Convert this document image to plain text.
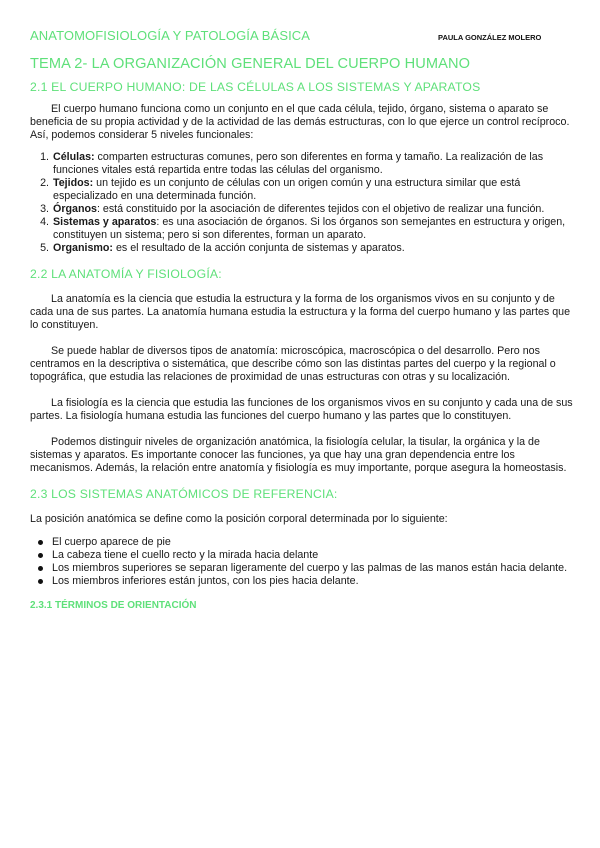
ANATOMOFISIOLOGÍA Y PATOLOGÍA BÁSICA	PAULA GONZÁLEZ MOLERO
TEMA 2- LA ORGANIZACIÓN GENERAL DEL CUERPO HUMANO
2.1 EL CUERPO HUMANO: DE LAS CÉLULAS A LOS SISTEMAS Y APARATOS

El cuerpo humano funciona como un conjunto en el que cada célula, tejido, órgano, sistema o aparato se beneficia de su propia actividad y de la actividad de las demás estructuras, con lo que ejerce un control recíproco. Así, podemos considerar 5 niveles funcionales:

1. Células: comparten estructuras comunes, pero son diferentes en forma y tamaño. La realización de las funciones vitales está repartida entre todas las células del organismo.
2. Tejidos: un tejido es un conjunto de células con un origen común y una estructura similar que está especializado en una determinada función.
3. Órganos: está constituido por la asociación de diferentes tejidos con el objetivo de realizar una función.
4. Sistemas y aparatos: es una asociación de órganos. Si los órganos son semejantes en estructura y origen, constituyen un sistema; pero si son diferentes, forman un aparato.
5. Organismo: es el resultado de la acción conjunta de sistemas y aparatos.
2.2 LA ANATOMÍA Y FISIOLOGÍA:

La anatomía es la ciencia que estudia la estructura y la forma de los organismos vivos en su conjunto y de cada una de sus partes. La anatomía humana estudia la estructura y la forma del cuerpo humano y las partes que lo constituyen.

Se puede hablar de diversos tipos de anatomía: microscópica, macroscópica o del desarrollo. Pero nos centramos en la descriptiva o sistemática, que describe cómo son las distintas partes del cuerpo y la regional o topográfica, que estudia las relaciones de proximidad de unas estructuras con otras y su localización.

La fisiología es la ciencia que estudia las funciones de los organismos vivos en su conjunto y cada una de sus partes. La fisiología humana estudia las funciones del cuerpo humano y las partes que lo constituyen.

Podemos distinguir niveles de organización anatómica, la fisiología celular, la tisular, la orgánica y la de sistemas y aparatos. Es importante conocer las funciones, ya que hay una gran dependencia entre los mecanismos. Además, la relación entre anatomía y fisiología es muy importante, porque asegura la homeostasis.

2.3 LOS SISTEMAS ANATÓMICOS DE REFERENCIA:

La posición anatómica se define como la posición corporal determinada por lo siguiente:

El cuerpo aparece de pie
La cabeza tiene el cuello recto y la mirada hacia delante
Los miembros superiores se separan ligeramente del cuerpo y las palmas de las manos están hacia delante.
Los miembros inferiores están juntos, con los pies hacia delante.
2.3.1 TÉRMINOS DE ORIENTACIÓN
